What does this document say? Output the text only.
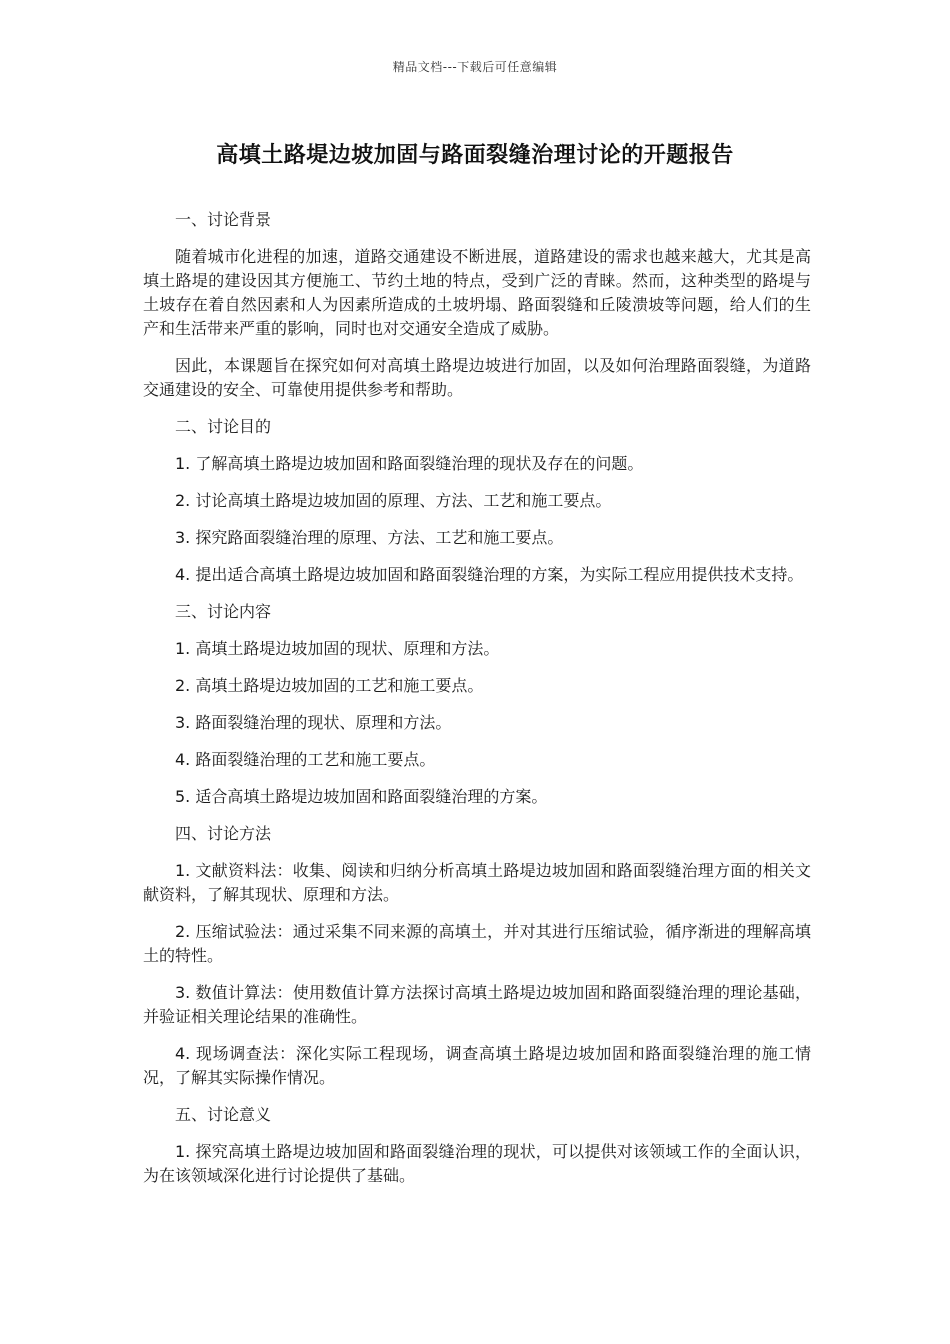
精品文档---下载后可任意编辑
高填土路堤边坡加固与路面裂缝治理讨论的开题报告

一、讨论背景

随着城市化进程的加速，道路交通建设不断进展，道路建设的需求也越来越大，尤其是高填土路堤的建设因其方便施工、节约土地的特点，受到广泛的青睐。然而，这种类型的路堤与土坡存在着自然因素和人为因素所造成的土坡坍塌、路面裂缝和丘陵溃坡等问题，给人们的生产和生活带来严重的影响，同时也对交通安全造成了威胁。

因此，本课题旨在探究如何对高填土路堤边坡进行加固，以及如何治理路面裂缝，为道路交通建设的安全、可靠使用提供参考和帮助。

二、讨论目的

1. 了解高填土路堤边坡加固和路面裂缝治理的现状及存在的问题。

2. 讨论高填土路堤边坡加固的原理、方法、工艺和施工要点。

3. 探究路面裂缝治理的原理、方法、工艺和施工要点。

4. 提出适合高填土路堤边坡加固和路面裂缝治理的方案，为实际工程应用提供技术支持。

三、讨论内容

1. 高填土路堤边坡加固的现状、原理和方法。

2. 高填土路堤边坡加固的工艺和施工要点。

3. 路面裂缝治理的现状、原理和方法。

4. 路面裂缝治理的工艺和施工要点。

5. 适合高填土路堤边坡加固和路面裂缝治理的方案。

四、讨论方法

1. 文献资料法：收集、阅读和归纳分析高填土路堤边坡加固和路面裂缝治理方面的相关文献资料，了解其现状、原理和方法。

2. 压缩试验法：通过采集不同来源的高填土，并对其进行压缩试验，循序渐进的理解高填土的特性。

3. 数值计算法：使用数值计算方法探讨高填土路堤边坡加固和路面裂缝治理的理论基础，并验证相关理论结果的准确性。

4. 现场调查法：深化实际工程现场，调查高填土路堤边坡加固和路面裂缝治理的施工情况，了解其实际操作情况。

五、讨论意义

1. 探究高填土路堤边坡加固和路面裂缝治理的现状，可以提供对该领域工作的全面认识，为在该领域深化进行讨论提供了基础。
